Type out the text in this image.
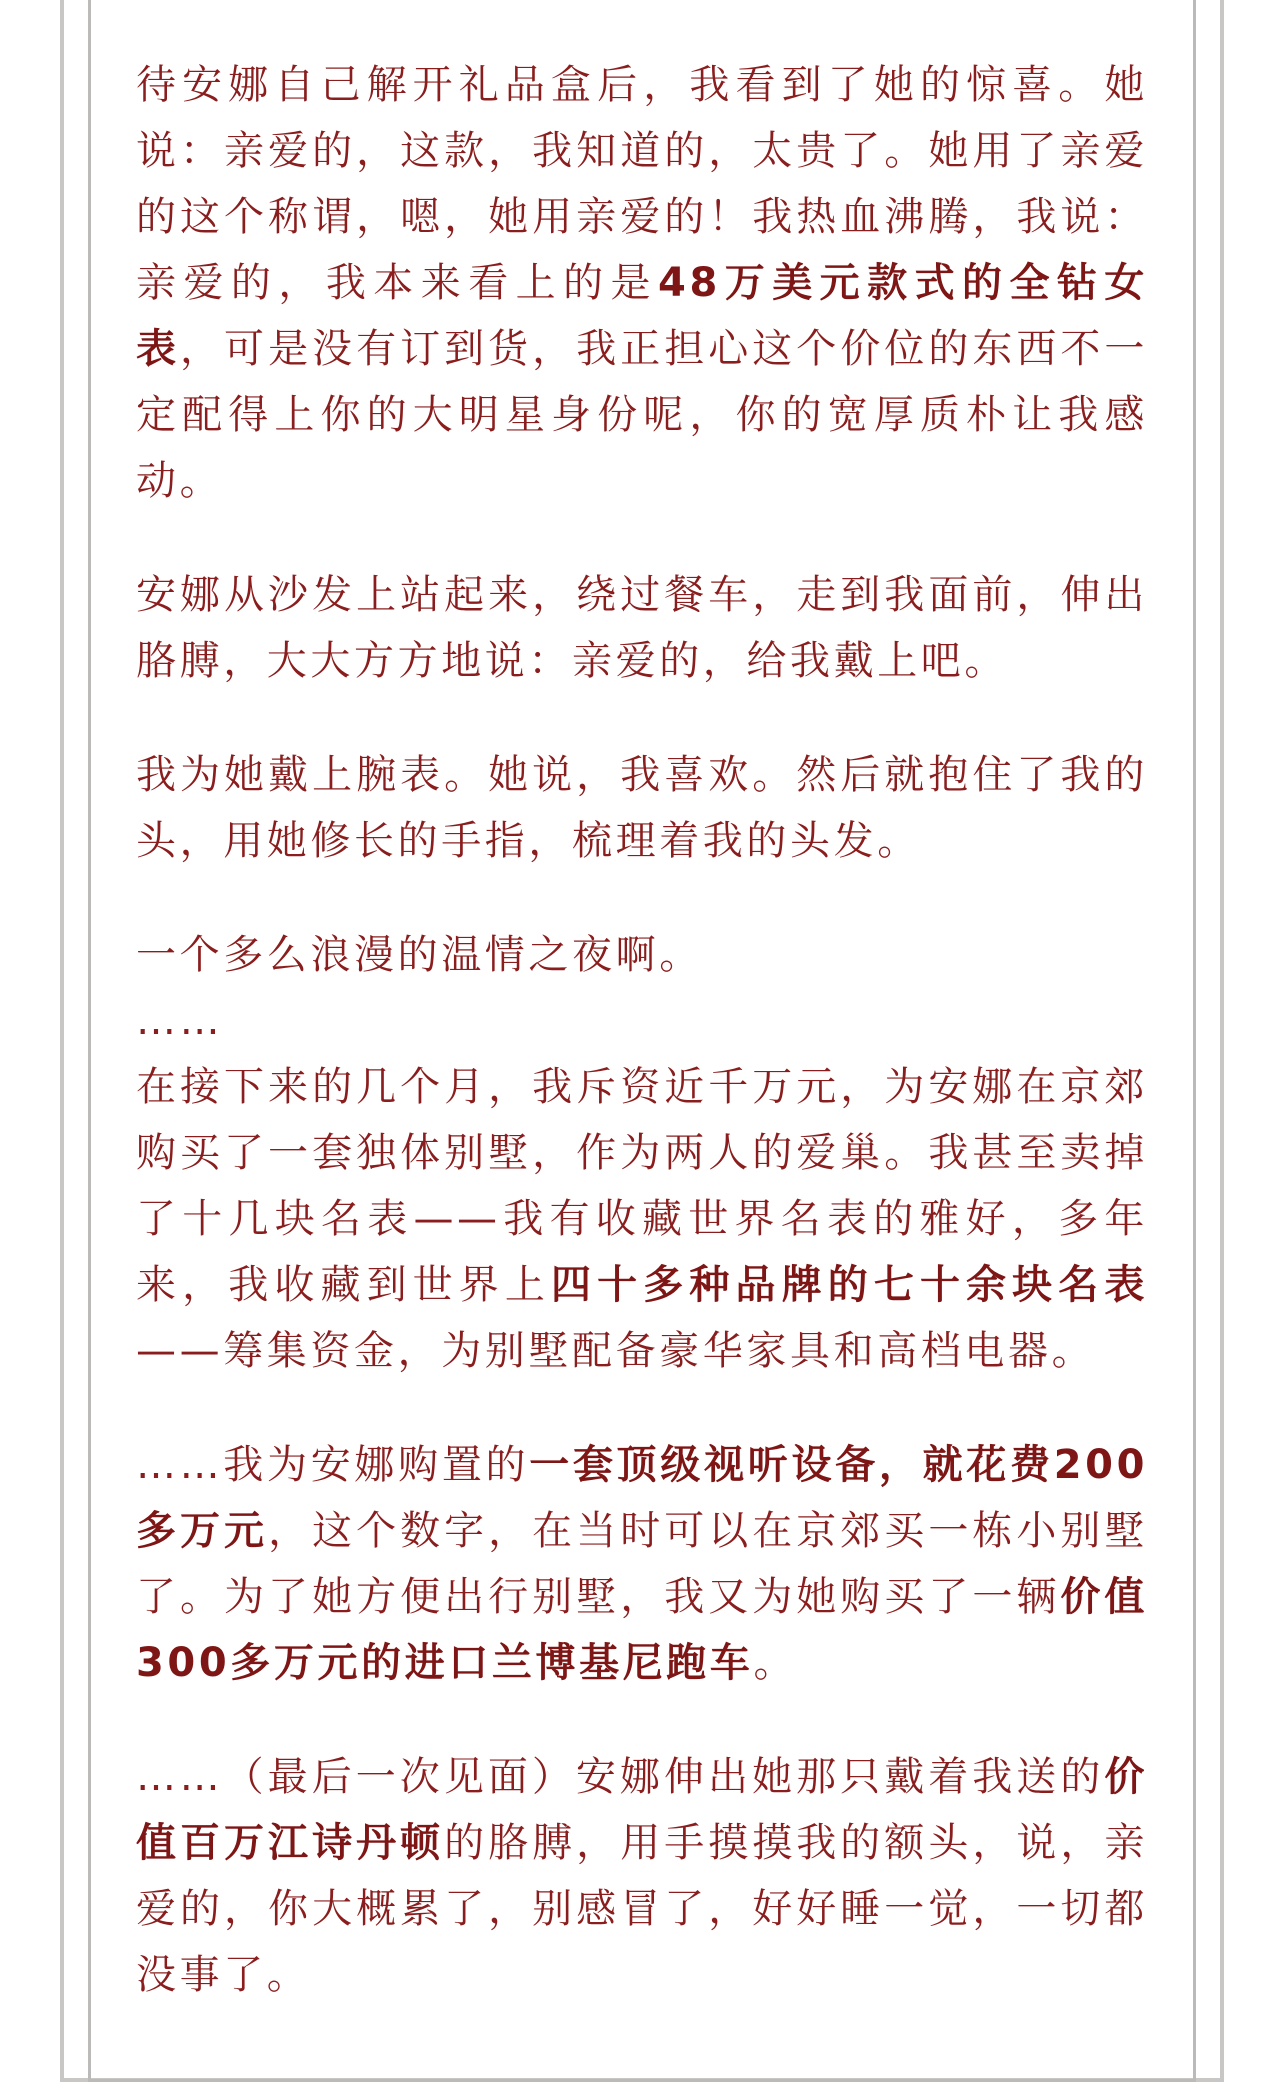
待安娜自己解开礼品盒后，我看到了她的惊喜。她说：亲爱的，这款，我知道的，太贵了。她用了亲爱的这个称谓，嗯，她用亲爱的！我热血沸腾，我说：亲爱的，我本来看上的是48万美元款式的全钻女表，可是没有订到货，我正担心这个价位的东西不一定配得上你的大明星身份呢，你的宽厚质朴让我感动。

安娜从沙发上站起来，绕过餐车，走到我面前，伸出胳膊，大大方方地说：亲爱的，给我戴上吧。

我为她戴上腕表。她说，我喜欢。然后就抱住了我的头，用她修长的手指，梳理着我的头发。

一个多么浪漫的温情之夜啊。

……

在接下来的几个月，我斥资近千万元，为安娜在京郊购买了一套独体别墅，作为两人的爱巢。我甚至卖掉了十几块名表——我有收藏世界名表的雅好，多年来，我收藏到世界上四十多种品牌的七十余块名表——筹集资金，为别墅配备豪华家具和高档电器。

……我为安娜购置的一套顶级视听设备，就花费200多万元，这个数字，在当时可以在京郊买一栋小别墅了。为了她方便出行别墅，我又为她购买了一辆价值300多万元的进口兰博基尼跑车。

……（最后一次见面）安娜伸出她那只戴着我送的价值百万江诗丹顿的胳膊，用手摸摸我的额头，说，亲爱的，你大概累了，别感冒了，好好睡一觉，一切都没事了。
